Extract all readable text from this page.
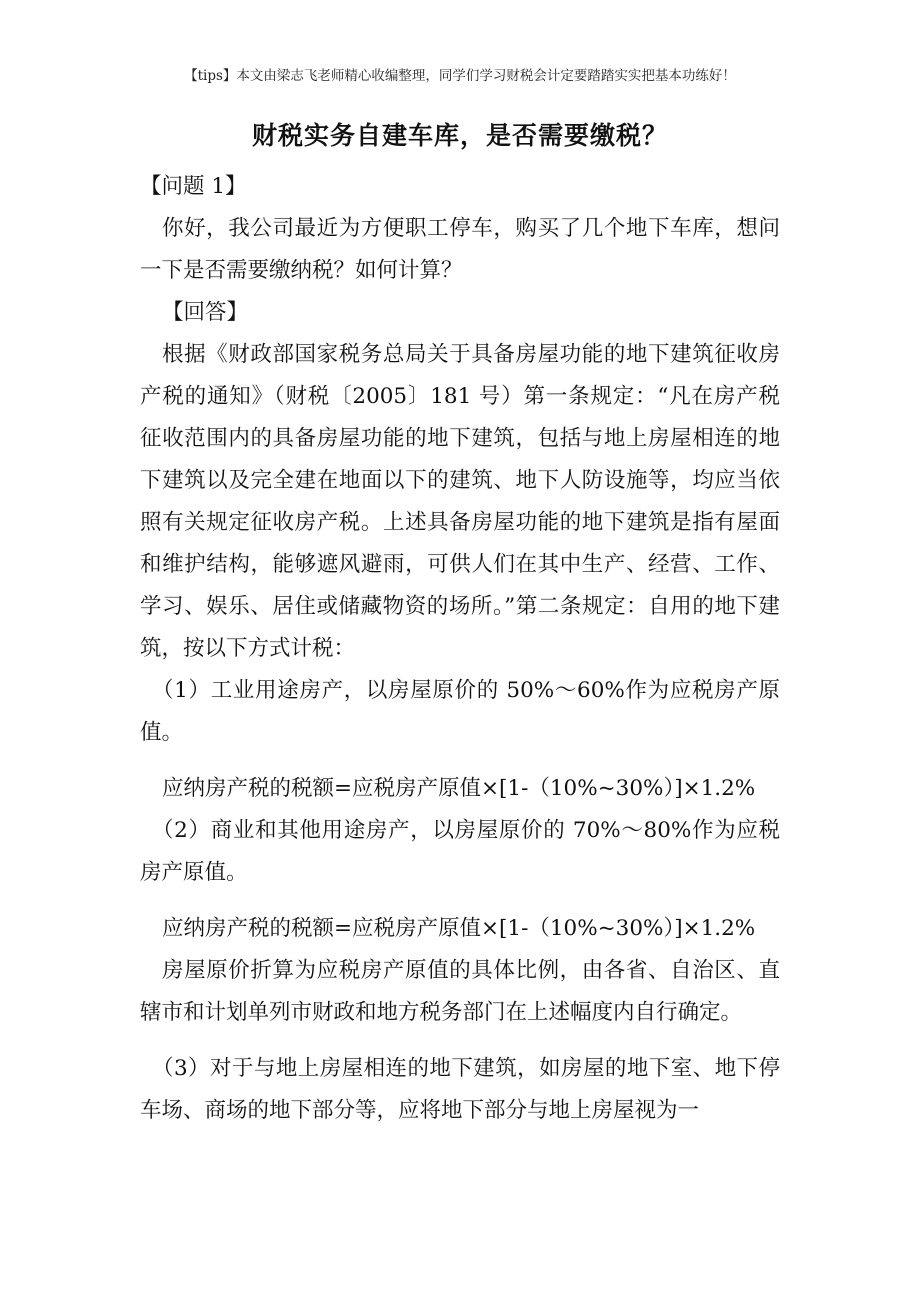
【tips】本文由梁志飞老师精心收编整理，同学们学习财税会计定要踏踏实实把基本功练好！
财税实务自建车库，是否需要缴税？

【问题 1】

你好，我公司最近为方便职工停车，购买了几个地下车库，想问一下是否需要缴纳税？如何计算？

【回答】

根据《财政部国家税务总局关于具备房屋功能的地下建筑征收房产税的通知》（财税〔2005〕181 号）第一条规定：“凡在房产税征收范围内的具备房屋功能的地下建筑，包括与地上房屋相连的地下建筑以及完全建在地面以下的建筑、地下人防设施等，均应当依照有关规定征收房产税。上述具备房屋功能的地下建筑是指有屋面和维护结构，能够遮风避雨，可供人们在其中生产、经营、工作、学习、娱乐、居住或储藏物资的场所。”第二条规定：自用的地下建筑，按以下方式计税：

（1）工业用途房产，以房屋原价的 50%～60%作为应税房产原值。

应纳房产税的税额=应税房产原值×[1-（10%~30%）]×1.2%

（2）商业和其他用途房产，以房屋原价的 70%～80%作为应税房产原值。

应纳房产税的税额=应税房产原值×[1-（10%~30%）]×1.2%

房屋原价折算为应税房产原值的具体比例，由各省、自治区、直辖市和计划单列市财政和地方税务部门在上述幅度内自行确定。

（3）对于与地上房屋相连的地下建筑，如房屋的地下室、地下停车场、商场的地下部分等，应将地下部分与地上房屋视为一
